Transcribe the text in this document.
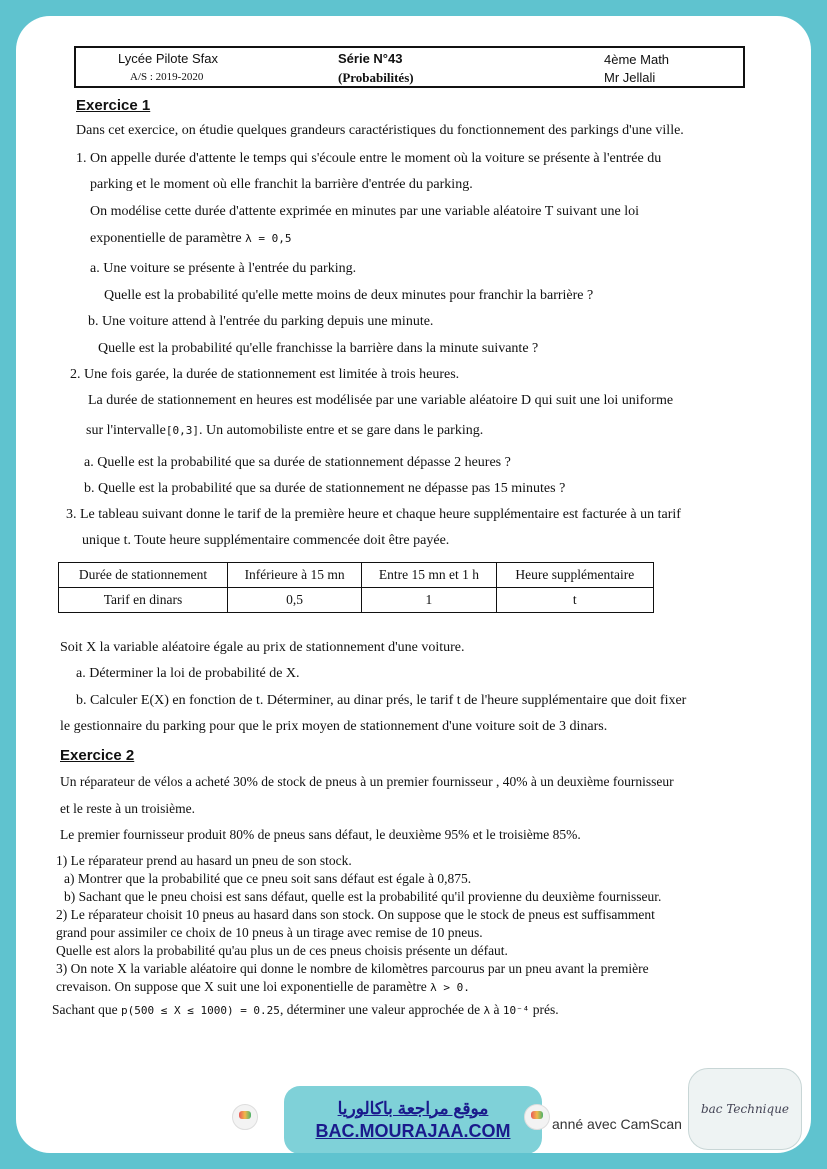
Lycée Pilote Sfax
A/S : 2019-2020
Série N°43
(Probabilités)
4ème Math
Mr Jellali
Exercice 1
Dans cet exercice, on étudie quelques grandeurs caractéristiques du fonctionnement des parkings d'une ville.
1. On appelle durée d'attente le temps qui s'écoule entre le moment où la voiture se présente à l'entrée du
parking et le moment où elle franchit la barrière d'entrée du parking.
On modélise cette durée d'attente exprimée en minutes par une variable aléatoire T suivant une loi
exponentielle de paramètre λ = 0,5
a. Une voiture se présente à l'entrée du parking.
Quelle est la probabilité qu'elle mette moins de deux minutes pour franchir la barrière ?
b. Une voiture attend à l'entrée du parking depuis une minute.
Quelle est la probabilité qu'elle franchisse la barrière dans la minute suivante ?
2. Une fois garée, la durée de stationnement est limitée à trois heures.
La durée de stationnement en heures est modélisée par une variable aléatoire D qui suit une loi uniforme
sur l'intervalle[0,3]. Un automobiliste entre et se gare dans le parking.
a. Quelle est la probabilité que sa durée de stationnement dépasse 2 heures ?
b. Quelle est la probabilité que sa durée de stationnement ne dépasse pas 15 minutes ?
3. Le tableau suivant donne le tarif de la première heure et chaque heure supplémentaire est facturée à un tarif
unique t. Toute heure supplémentaire commencée doit être payée.
Durée de stationnement	Inférieure à 15 mn	Entre 15 mn et 1 h	Heure supplémentaire
Tarif en dinars	0,5	1	t
Soit X la variable aléatoire égale au prix de stationnement d'une voiture.
a. Déterminer la loi de probabilité de X.
b. Calculer E(X) en fonction de t. Déterminer, au dinar prés, le tarif t de l'heure supplémentaire que doit fixer
le gestionnaire du parking pour que le prix moyen de stationnement d'une voiture soit de 3 dinars.
Exercice 2
Un réparateur de vélos a acheté 30% de stock de pneus à un premier fournisseur , 40% à un deuxième fournisseur
et le reste à un troisième.
Le premier fournisseur produit 80% de pneus sans défaut, le deuxième 95% et le troisième 85%.
1) Le réparateur prend au hasard un pneu de son stock.
a) Montrer que la probabilité que ce pneu soit sans défaut est égale à 0,875.
b) Sachant que le pneu choisi est sans défaut, quelle est la probabilité qu'il provienne du deuxième fournisseur.
2) Le réparateur choisit 10 pneus au hasard dans son stock. On suppose que le stock de pneus est suffisamment
grand pour assimiler ce choix de 10 pneus à un tirage avec remise de 10 pneus.
Quelle est alors la probabilité qu'au plus un de ces pneus choisis présente un défaut.
3) On note X la variable aléatoire qui donne le nombre de kilomètres parcourus par un pneu avant la première
crevaison. On suppose que X suit une loi exponentielle de paramètre λ > 0.
Sachant que p(500 ≤ X ≤ 1000) = 0.25, déterminer une valeur approchée de λ à 10⁻⁴ prés.
موقع مراجعة باكالوريا
BAC.MOURAJAA.COM	anné avec CamScan
bac Technique
